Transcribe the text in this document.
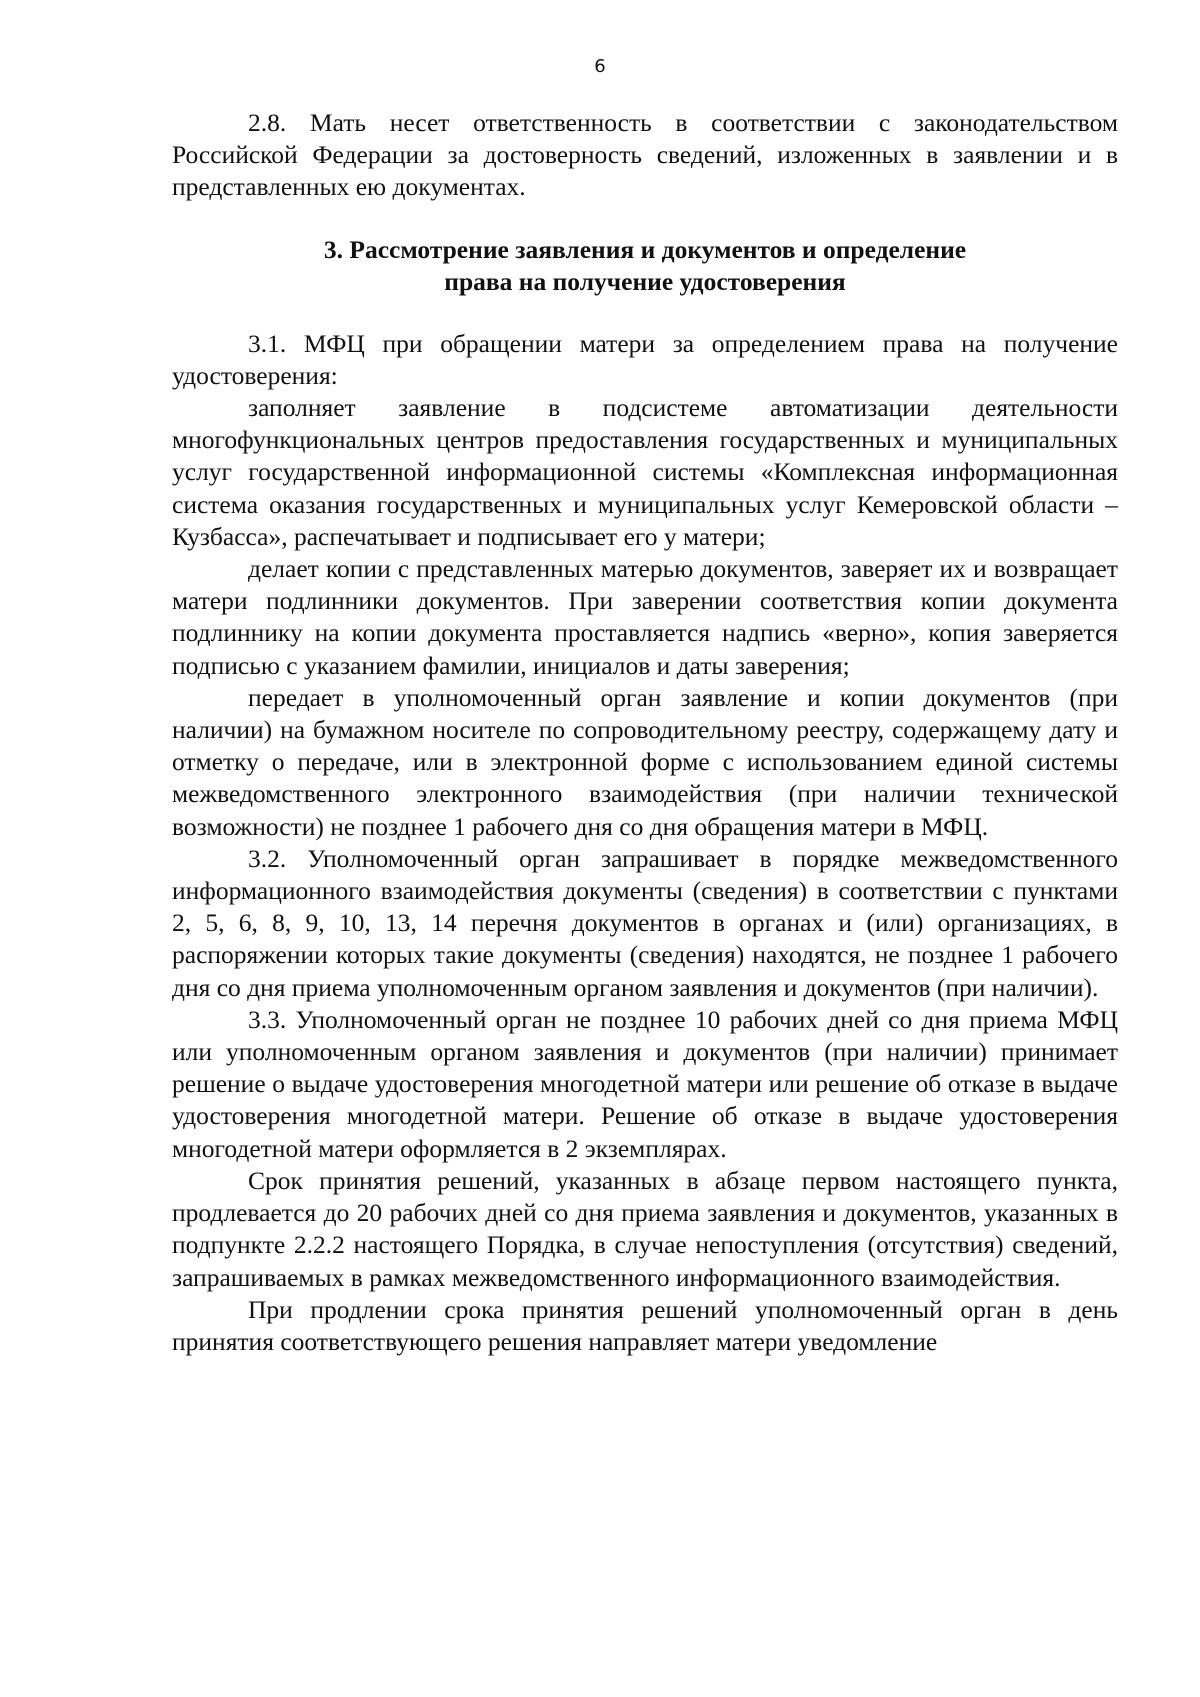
6

2.8. Мать несет ответственность в соответствии с законодательством Российской Федерации за достоверность сведений, изложенных в заявлении и в представленных ею документах.

3. Рассмотрение заявления и документов и определение
права на получение удостоверения

3.1. МФЦ при обращении матери за определением права на получение удостоверения:

заполняет заявление в подсистеме автоматизации деятельности многофункциональных центров предоставления государственных и муниципальных услуг государственной информационной системы «Комплексная информационная система оказания государственных и муниципальных услуг Кемеровской области – Кузбасса», распечатывает и подписывает его у матери;

делает копии с представленных матерью документов, заверяет их и возвращает матери подлинники документов. При заверении соответствия копии документа подлиннику на копии документа проставляется надпись «верно», копия заверяется подписью с указанием фамилии, инициалов и даты заверения;

передает в уполномоченный орган заявление и копии документов (при наличии) на бумажном носителе по сопроводительному реестру, содержащему дату и отметку о передаче, или в электронной форме с использованием единой системы межведомственного электронного взаимодействия (при наличии технической возможности) не позднее 1 рабочего дня со дня обращения матери в МФЦ.

3.2. Уполномоченный орган запрашивает в порядке межведомственного информационного взаимодействия документы (сведения) в соответствии с пунктами 2, 5, 6, 8, 9, 10, 13, 14 перечня документов в органах и (или) организациях, в распоряжении которых такие документы (сведения) находятся, не позднее 1 рабочего дня со дня приема уполномоченным органом заявления и документов (при наличии).

3.3. Уполномоченный орган не позднее 10 рабочих дней со дня приема МФЦ или уполномоченным органом заявления и документов (при наличии) принимает решение о выдаче удостоверения многодетной матери или решение об отказе в выдаче удостоверения многодетной матери. Решение об отказе в выдаче удостоверения многодетной матери оформляется в 2 экземплярах.

Срок принятия решений, указанных в абзаце первом настоящего пункта, продлевается до 20 рабочих дней со дня приема заявления и документов, указанных в подпункте 2.2.2 настоящего Порядка, в случае непоступления (отсутствия) сведений, запрашиваемых в рамках межведомственного информационного взаимодействия.

При продлении срока принятия решений уполномоченный орган в день принятия соответствующего решения направляет матери уведомление
